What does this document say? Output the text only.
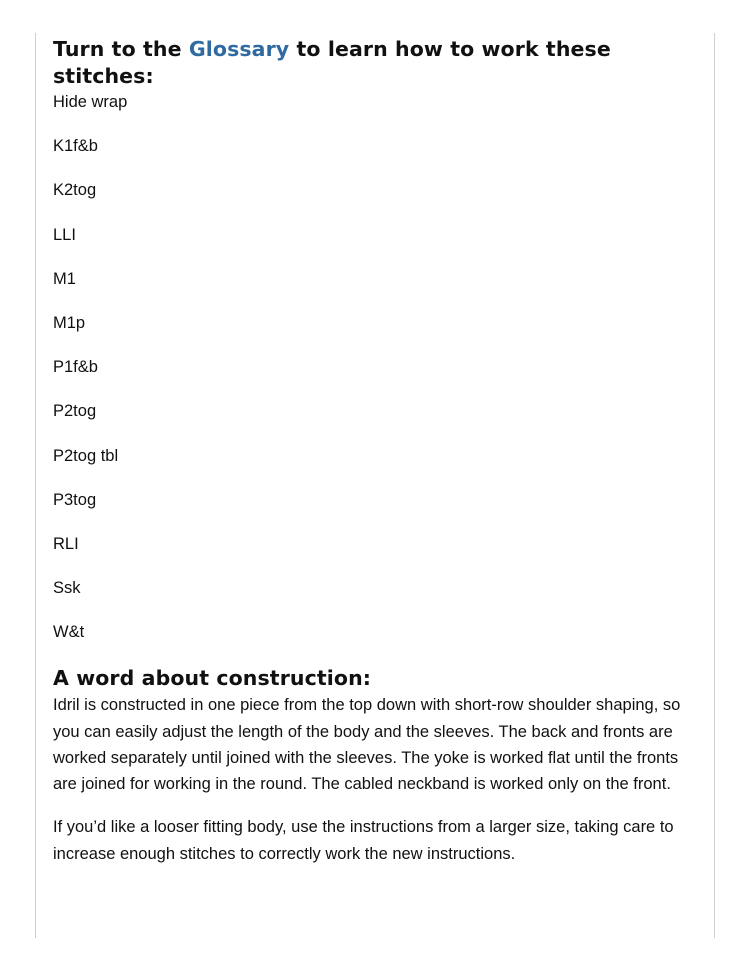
Turn to the Glossary to learn how to work these stitches:
Hide wrap
K1f&b
K2tog
LLI
M1
M1p
P1f&b
P2tog
P2tog tbl
P3tog
RLI
Ssk
W&t
A word about construction:

Idril is constructed in one piece from the top down with short-row shoulder shaping, so you can easily adjust the length of the body and the sleeves. The back and fronts are worked separately until joined with the sleeves. The yoke is worked flat until the fronts are joined for working in the round. The cabled neckband is worked only on the front.

If you’d like a looser fitting body, use the instructions from a larger size, taking care to increase enough stitches to correctly work the new instructions.
